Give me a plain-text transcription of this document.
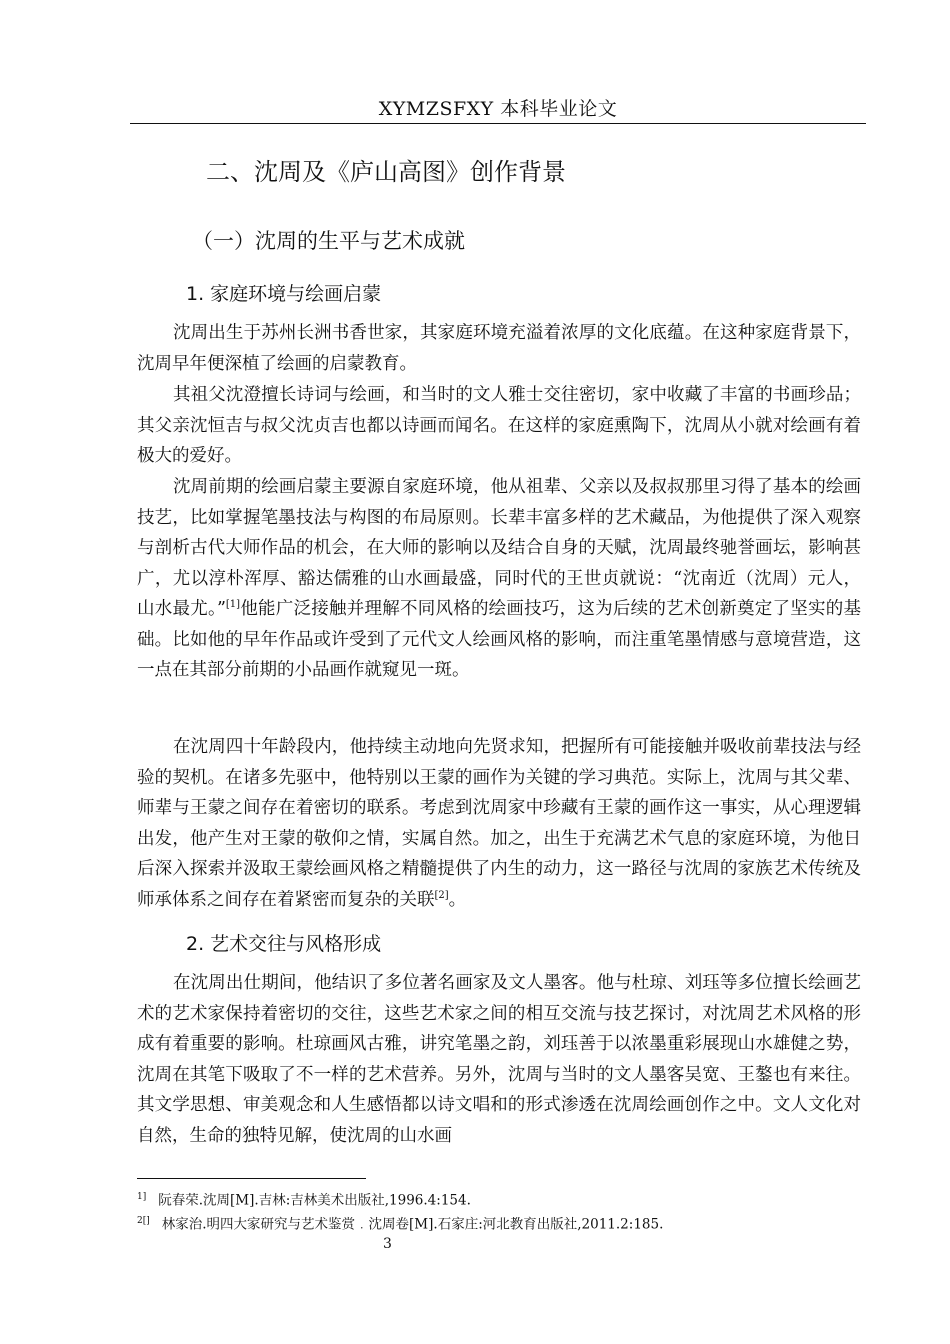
XYMZSFXY 本科毕业论文
二、沈周及《庐山高图》创作背景
（一）沈周的生平与艺术成就
1. 家庭环境与绘画启蒙

沈周出生于苏州长洲书香世家，其家庭环境充溢着浓厚的文化底蕴。在这种家庭背景下，沈周早年便深植了绘画的启蒙教育。

其祖父沈澄擅长诗词与绘画，和当时的文人雅士交往密切，家中收藏了丰富的书画珍品；其父亲沈恒吉与叔父沈贞吉也都以诗画而闻名。在这样的家庭熏陶下，沈周从小就对绘画有着极大的爱好。

沈周前期的绘画启蒙主要源自家庭环境，他从祖辈、父亲以及叔叔那里习得了基本的绘画技艺，比如掌握笔墨技法与构图的布局原则。长辈丰富多样的艺术藏品，为他提供了深入观察与剖析古代大师作品的机会，在大师的影响以及结合自身的天赋，沈周最终驰誉画坛，影响甚广，尤以淳朴浑厚、豁达儒雅的山水画最盛，同时代的王世贞就说：“沈南近（沈周）元人，山水最尤。”[1]他能广泛接触并理解不同风格的绘画技巧，这为后续的艺术创新奠定了坚实的基础。比如他的早年作品或许受到了元代文人绘画风格的影响，而注重笔墨情感与意境营造，这一点在其部分前期的小品画作就窥见一斑。

在沈周四十年龄段内，他持续主动地向先贤求知，把握所有可能接触并吸收前辈技法与经验的契机。在诸多先驱中，他特别以王蒙的画作为关键的学习典范。实际上，沈周与其父辈、师辈与王蒙之间存在着密切的联系。考虑到沈周家中珍藏有王蒙的画作这一事实，从心理逻辑出发，他产生对王蒙的敬仰之情，实属自然。加之，出生于充满艺术气息的家庭环境，为他日后深入探索并汲取王蒙绘画风格之精髓提供了内生的动力，这一路径与沈周的家族艺术传统及师承体系之间存在着紧密而复杂的关联[2]。

2. 艺术交往与风格形成

在沈周出仕期间，他结识了多位著名画家及文人墨客。他与杜琼、刘珏等多位擅长绘画艺术的艺术家保持着密切的交往，这些艺术家之间的相互交流与技艺探讨，对沈周艺术风格的形成有着重要的影响。杜琼画风古雅，讲究笔墨之韵，刘珏善于以浓墨重彩展现山水雄健之势，沈周在其笔下吸取了不一样的艺术营养。另外，沈周与当时的文人墨客吴宽、王鏊也有来往。其文学思想、审美观念和人生感悟都以诗文唱和的形式渗透在沈周绘画创作之中。文人文化对自然，生命的独特见解，使沈周的山水画

$^{1]}$ 阮春荣.沈周[M].吉林:吉林美术出版社,1996.4:154.
$^{2[]}$ 林家治.明四大家研究与艺术鉴赏﹒沈周卷[M].石家庄:河北教育出版社,2011.2:185.
3
